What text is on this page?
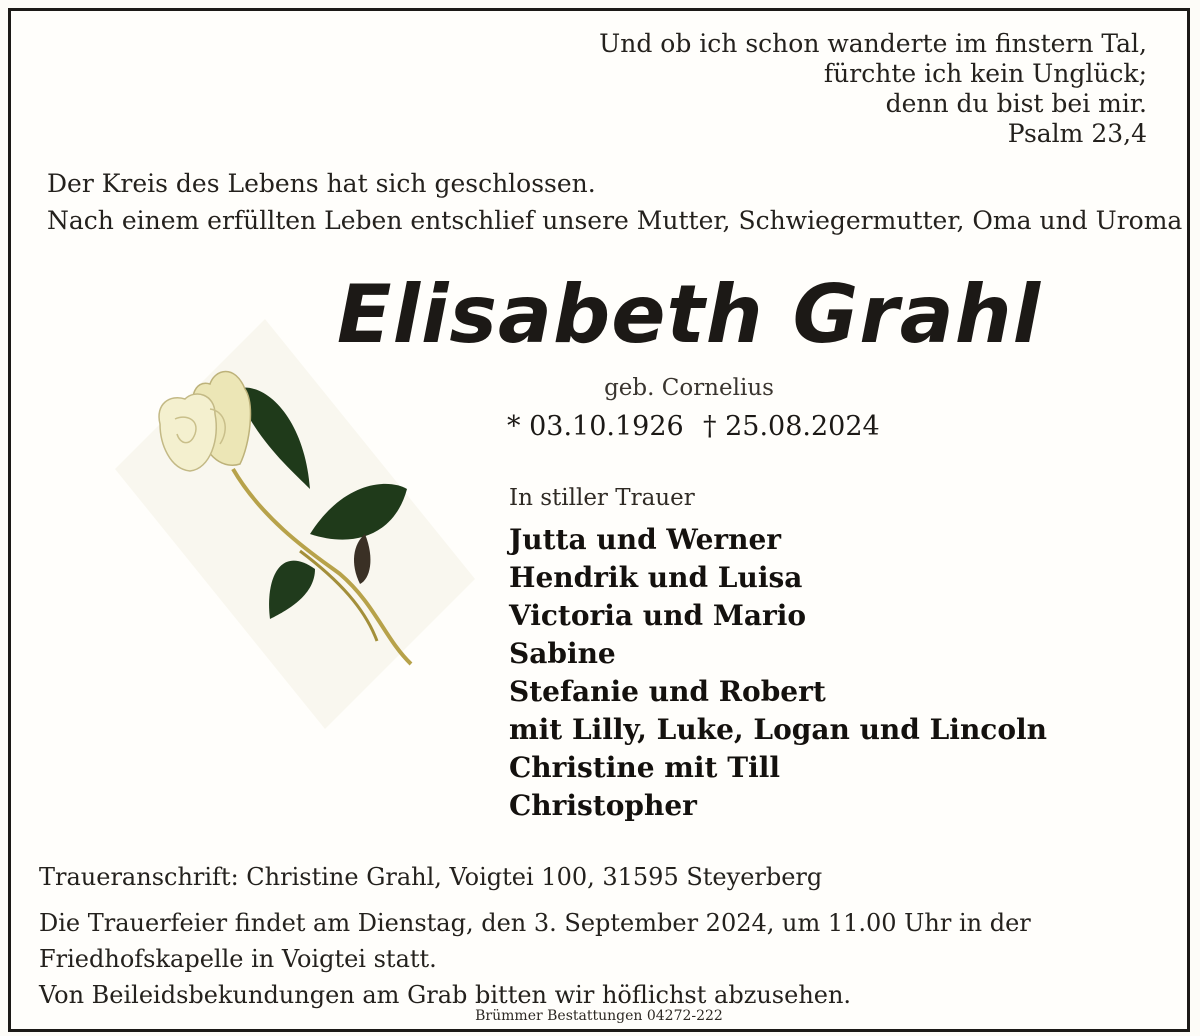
Und ob ich schon wanderte im finstern Tal,
fürchte ich kein Unglück;
denn du bist bei mir.
Psalm 23,4
Der Kreis des Lebens hat sich geschlossen.
Nach einem erfüllten Leben entschlief unsere Mutter, Schwiegermutter, Oma und Uroma
Elisabeth Grahl
geb. Cornelius
* 03.10.1926 † 25.08.2024
In stiller Trauer
Jutta und Werner
Hendrik und Luisa
Victoria und Mario
Sabine
Stefanie und Robert
mit Lilly, Luke, Logan und Lincoln
Christine mit Till
Christopher
Traueranschrift: Christine Grahl, Voigtei 100, 31595 Steyerberg

Die Trauerfeier findet am Dienstag, den 3. September 2024, um 11.00 Uhr in der

Friedhofskapelle in Voigtei statt.

Von Beileidsbekundungen am Grab bitten wir höflichst abzusehen.

Brümmer Bestattungen 04272-222
